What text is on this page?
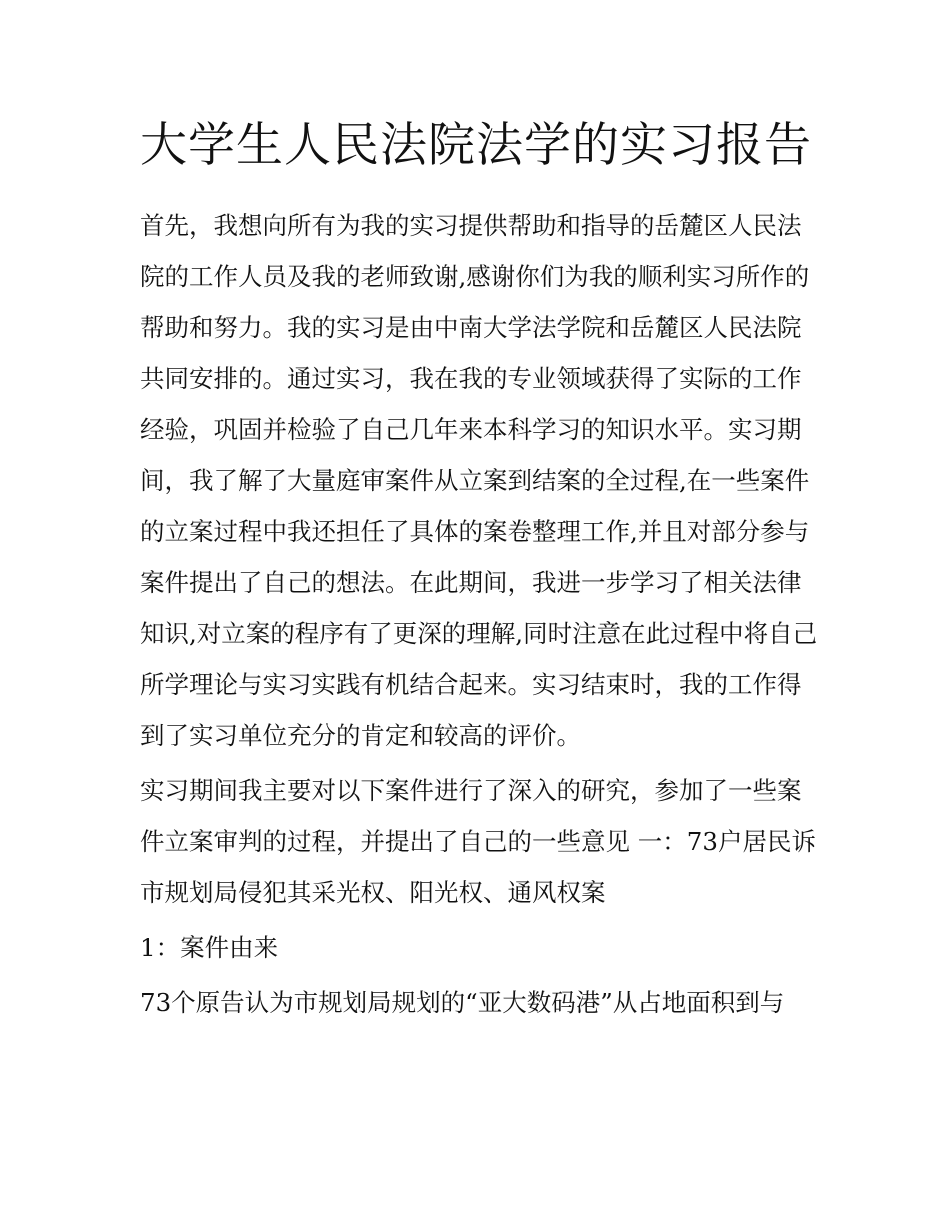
大学生人民法院法学的实习报告

首先，我想向所有为我的实习提供帮助和指导的岳麓区人民法院的工作人员及我的老师致谢,感谢你们为我的顺利实习所作的帮助和努力。我的实习是由中南大学法学院和岳麓区人民法院共同安排的。通过实习，我在我的专业领域获得了实际的工作经验，巩固并检验了自己几年来本科学习的知识水平。实习期间，我了解了大量庭审案件从立案到结案的全过程,在一些案件的立案过程中我还担任了具体的案卷整理工作,并且对部分参与案件提出了自己的想法。在此期间，我进一步学习了相关法律知识,对立案的程序有了更深的理解,同时注意在此过程中将自己所学理论与实习实践有机结合起来。实习结束时，我的工作得到了实习单位充分的肯定和较高的评价。

实习期间我主要对以下案件进行了深入的研究，参加了一些案件立案审判的过程，并提出了自己的一些意见 一：73户居民诉市规划局侵犯其采光权、阳光权、通风权案

1：案件由来

73个原告认为市规划局规划的“亚大数码港”从占地面积到与
